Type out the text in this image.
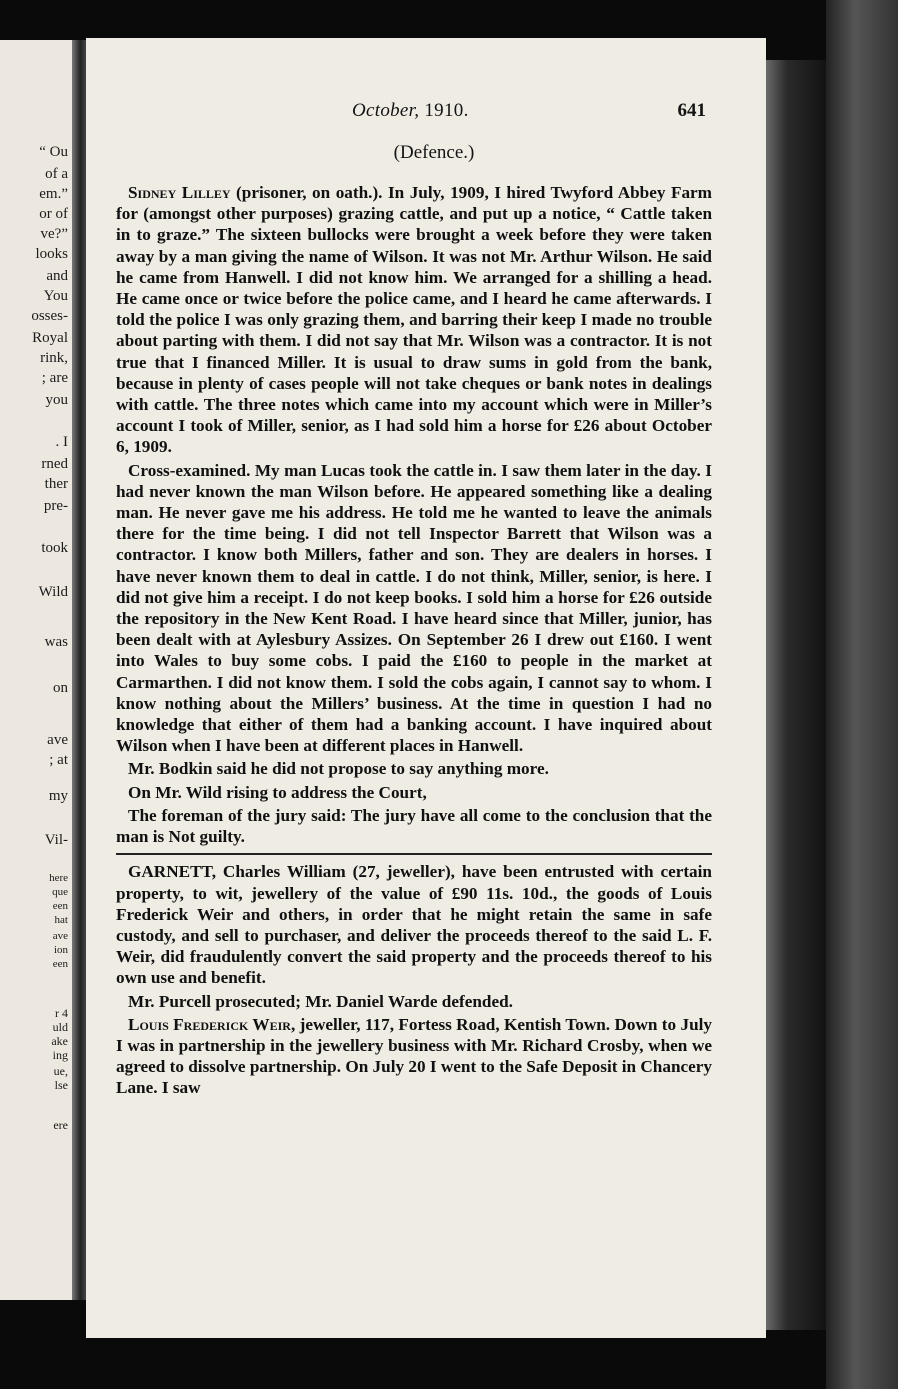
“ Ou
of a
em.”
or of
ve?”
looks
and
You
osses-
Royal
rink,
; are
you
. I
rned
ther
pre-
took
Wild
was
on
ave
; at
my
Vil-
here
que
een
hat
ave
ion
een
r 4
uld
ake
ing
ue,
lse
ere
October, 1910.	641
(Defence.)

Sidney Lilley (prisoner, on oath.). In July, 1909, I hired Twyford Abbey Farm for (amongst other purposes) grazing cattle, and put up a notice, “ Cattle taken in to graze.” The sixteen bullocks were brought a week before they were taken away by a man giving the name of Wilson. It was not Mr. Arthur Wilson. He said he came from Hanwell. I did not know him. We arranged for a shilling a head. He came once or twice before the police came, and I heard he came afterwards. I told the police I was only grazing them, and barring their keep I made no trouble about parting with them. I did not say that Mr. Wilson was a contractor. It is not true that I financed Miller. It is usual to draw sums in gold from the bank, because in plenty of cases people will not take cheques or bank notes in dealings with cattle. The three notes which came into my account which were in Miller’s account I took of Miller, senior, as I had sold him a horse for £26 about October 6, 1909.

Cross-examined. My man Lucas took the cattle in. I saw them later in the day. I had never known the man Wilson before. He appeared something like a dealing man. He never gave me his address. He told me he wanted to leave the animals there for the time being. I did not tell Inspector Barrett that Wilson was a contractor. I know both Millers, father and son. They are dealers in horses. I have never known them to deal in cattle. I do not think, Miller, senior, is here. I did not give him a receipt. I do not keep books. I sold him a horse for £26 outside the repository in the New Kent Road. I have heard since that Miller, junior, has been dealt with at Aylesbury Assizes. On September 26 I drew out £160. I went into Wales to buy some cobs. I paid the £160 to people in the market at Carmarthen. I did not know them. I sold the cobs again, I cannot say to whom. I know nothing about the Millers’ business. At the time in question I had no knowledge that either of them had a banking account. I have inquired about Wilson when I have been at different places in Hanwell.

Mr. Bodkin said he did not propose to say anything more.

On Mr. Wild rising to address the Court,

The foreman of the jury said: The jury have all come to the conclusion that the man is Not guilty.

GARNETT, Charles William (27, jeweller), have been entrusted with certain property, to wit, jewellery of the value of £90 11s. 10d., the goods of Louis Frederick Weir and others, in order that he might retain the same in safe custody, and sell to purchaser, and deliver the proceeds thereof to the said L. F. Weir, did fraudulently convert the said property and the proceeds thereof to his own use and benefit.

Mr. Purcell prosecuted; Mr. Daniel Warde defended.

Louis Frederick Weir, jeweller, 117, Fortess Road, Kentish Town. Down to July I was in partnership in the jewellery business with Mr. Richard Crosby, when we agreed to dissolve partnership. On July 20 I went to the Safe Deposit in Chancery Lane. I saw
